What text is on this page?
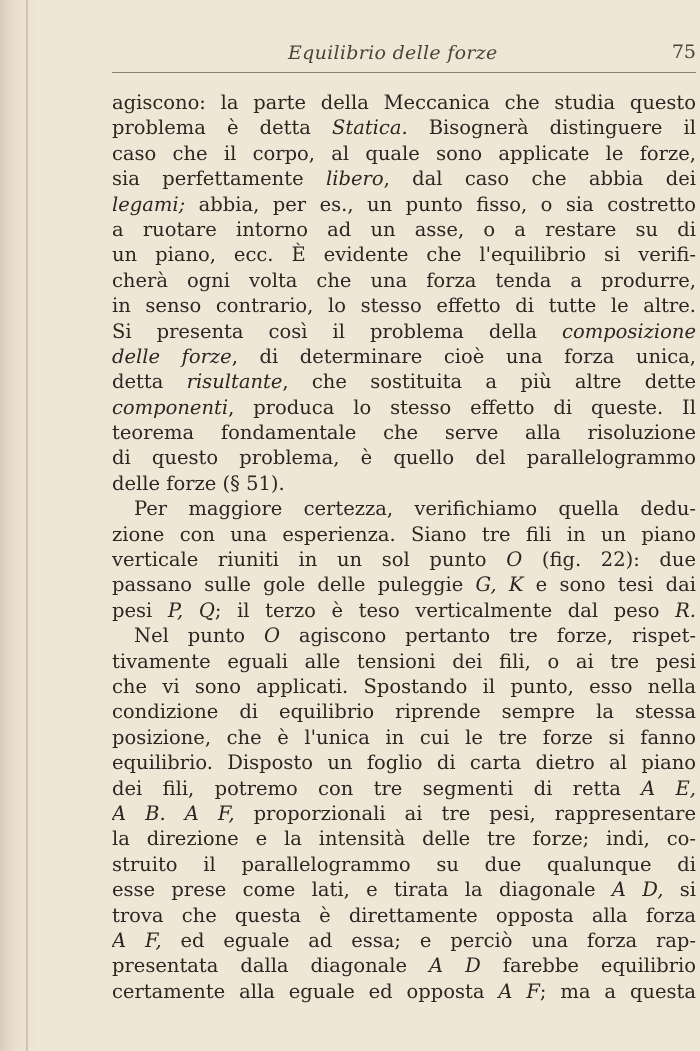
Equilibrio delle forze	75
agiscono: la parte della Meccanica che studia questo
problema è detta Statica. Bisognerà distinguere il
caso che il corpo, al quale sono applicate le forze,
sia perfettamente libero, dal caso che abbia dei
legami; abbia, per es., un punto fisso, o sia costretto
a ruotare intorno ad un asse, o a restare su di
un piano, ecc. È evidente che l'equilibrio si verifi-
cherà ogni volta che una forza tenda a produrre,
in senso contrario, lo stesso effetto di tutte le altre.
Si presenta così il problema della composizione
delle forze, di determinare cioè una forza unica,
detta risultante, che sostituita a più altre dette
componenti, produca lo stesso effetto di queste. Il
teorema fondamentale che serve alla risoluzione
di questo problema, è quello del parallelogrammo
delle forze (§ 51).
Per maggiore certezza, verifichiamo quella dedu-
zione con una esperienza. Siano tre fili in un piano
verticale riuniti in un sol punto O (fig. 22): due
passano sulle gole delle puleggie G, K e sono tesi dai
pesi P, Q; il terzo è teso verticalmente dal peso R.
Nel punto O agiscono pertanto tre forze, rispet-
tivamente eguali alle tensioni dei fili, o ai tre pesi
che vi sono applicati. Spostando il punto, esso nella
condizione di equilibrio riprende sempre la stessa
posizione, che è l'unica in cui le tre forze si fanno
equilibrio. Disposto un foglio di carta dietro al piano
dei fili, potremo con tre segmenti di retta A E,
A B. A F, proporzionali ai tre pesi, rappresentare
la direzione e la intensità delle tre forze; indi, co-
struito il parallelogrammo su due qualunque di
esse prese come lati, e tirata la diagonale A D, si
trova che questa è direttamente opposta alla forza
A F, ed eguale ad essa; e perciò una forza rap-
presentata dalla diagonale A D farebbe equilibrio
certamente alla eguale ed opposta A F; ma a questa
